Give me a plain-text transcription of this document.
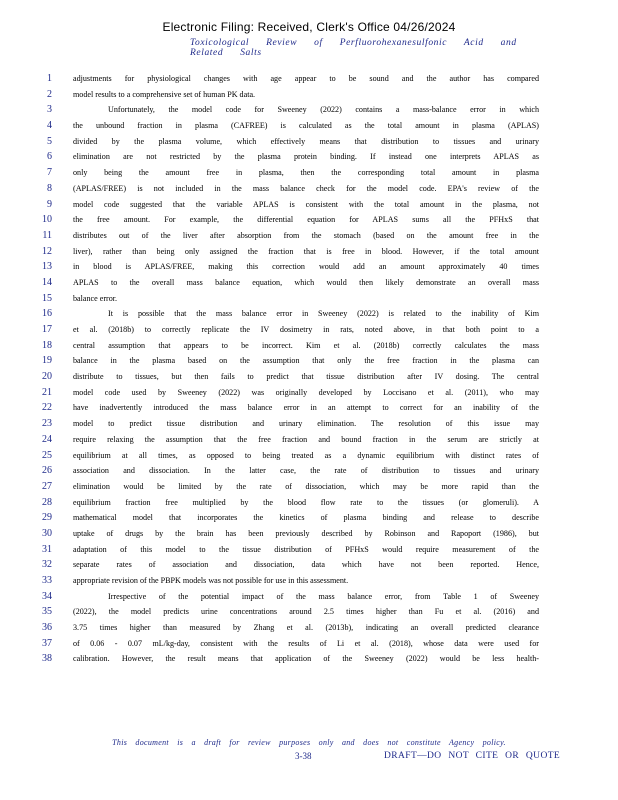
Electronic Filing: Received, Clerk's Office 04/26/2024
Toxicological Review of Perfluorohexanesulfonic Acid and Related Salts
1	adjustments for physiological changes with age appear to be sound and the author has compared
2	model results to a comprehensive set of human PK data.
3	Unfortunately, the model code for Sweeney (2022) contains a mass-balance error in which
4	the unbound fraction in plasma (CAFREE) is calculated as the total amount in plasma (APLAS)
5	divided by the plasma volume, which effectively means that distribution to tissues and urinary
6	elimination are not restricted by the plasma protein binding. If instead one interprets APLAS as
7	only being the amount free in plasma, then the corresponding total amount in plasma
8	(APLAS/FREE) is not included in the mass balance check for the model code. EPA's review of the
9	model code suggested that the variable APLAS is consistent with the total amount in the plasma, not
10	the free amount. For example, the differential equation for APLAS sums all the PFHxS that
11	distributes out of the liver after absorption from the stomach (based on the amount free in the
12	liver), rather than being only assigned the fraction that is free in blood. However, if the total amount
13	in blood is APLAS/FREE, making this correction would add an amount approximately 40 times
14	APLAS to the overall mass balance equation, which would then likely demonstrate an overall mass
15	balance error.
16	It is possible that the mass balance error in Sweeney (2022) is related to the inability of Kim
17	et al. (2018b) to correctly replicate the IV dosimetry in rats, noted above, in that both point to a
18	central assumption that appears to be incorrect. Kim et al. (2018b) correctly calculates the mass
19	balance in the plasma based on the assumption that only the free fraction in the plasma can
20	distribute to tissues, but then fails to predict that tissue distribution after IV dosing. The central
21	model code used by Sweeney (2022) was originally developed by Loccisano et al. (2011), who may
22	have inadvertently introduced the mass balance error in an attempt to correct for an inability of the
23	model to predict tissue distribution and urinary elimination. The resolution of this issue may
24	require relaxing the assumption that the free fraction and bound fraction in the serum are strictly at
25	equilibrium at all times, as opposed to being treated as a dynamic equilibrium with distinct rates of
26	association and dissociation. In the latter case, the rate of distribution to tissues and urinary
27	elimination would be limited by the rate of dissociation, which may be more rapid than the
28	equilibrium fraction free multiplied by the blood flow rate to the tissues (or glomeruli). A
29	mathematical model that incorporates the kinetics of plasma binding and release to describe
30	uptake of drugs by the brain has been previously described by Robinson and Rapoport (1986), but
31	adaptation of this model to the tissue distribution of PFHxS would require measurement of the
32	separate rates of association and dissociation, data which have not been reported. Hence,
33	appropriate revision of the PBPK models was not possible for use in this assessment.
34	Irrespective of the potential impact of the mass balance error, from Table 1 of Sweeney
35	(2022), the model predicts urine concentrations around 2.5 times higher than Fu et al. (2016) and
36	3.75 times higher than measured by Zhang et al. (2013b), indicating an overall predicted clearance
37	of 0.06 - 0.07 mL/kg-day, consistent with the results of Li et al. (2018), whose data were used for
38	calibration. However, the result means that application of the Sweeney (2022) would be less health-
This document is a draft for review purposes only and does not constitute Agency policy.
3-38	DRAFT—DO NOT CITE OR QUOTE
